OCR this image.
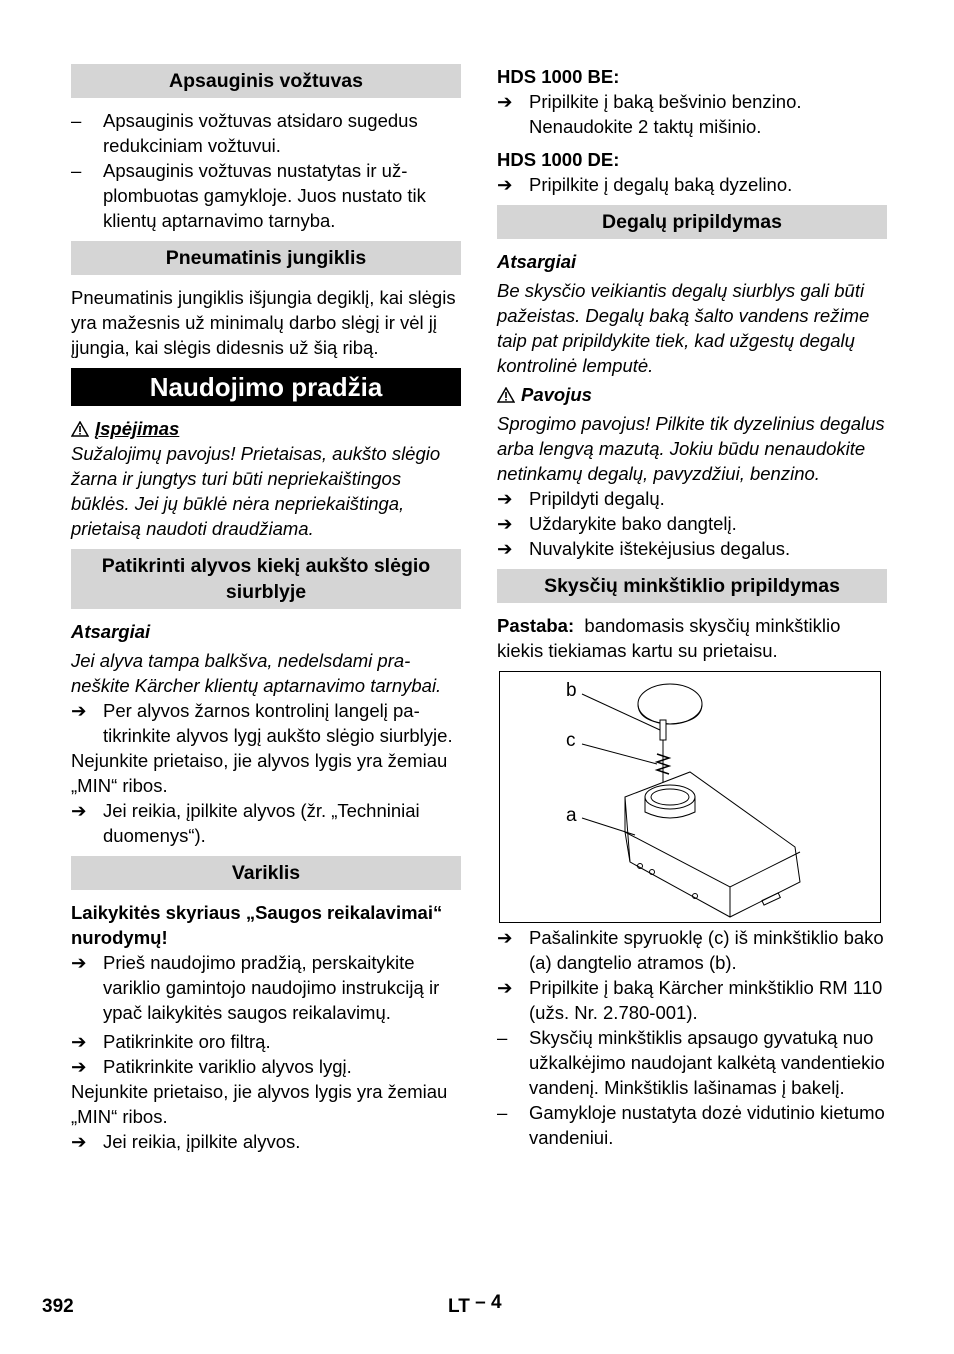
Apsauginis vožtuvas
–	Apsauginis vožtuvas atsidaro sugedus redukciniam vožtuvui.
–	Apsauginis vožtuvas nustatytas ir užplombuotas gamykloje. Juos nustato tik klientų aptarnavimo tarnyba.
Pneumatinis jungiklis

Pneumatinis jungiklis išjungia degiklį, kai slėgis yra mažesnis už minimalų darbo slėgį ir vėl jį įjungia, kai slėgis didesnis už šią ribą.

Naudojimo pradžia
Įspėjimas

Sužalojimų pavojus! Prietaisas, aukšto slėgio žarna ir jungtys turi būti nepriekaištingos būklės. Jei jų būklė nėra nepriekaištinga, prietaisą naudoti draudžiama.

Patikrinti alyvos kiekį aukšto slėgio siurblyje

Atsargiai

Jei alyva tampa balkšva, nedelsdami praneškite Kärcher klientų aptarnavimo tarnybai.

➔ Per alyvos žarnos kontrolinį langelį patikrinkite alyvos lygį aukšto slėgio siurblyje.

Nejunkite prietaiso, jie alyvos lygis yra žemiau „MIN“ ribos.

➔ Jei reikia, įpilkite alyvos (žr. „Techniniai duomenys“).
Variklis

Laikykitės skyriaus „Saugos reikalavimai“ nurodymų!

➔ Prieš naudojimo pradžią, perskaitykite variklio gamintojo naudojimo instrukciją ir ypač laikykitės saugos reikalavimų.
➔ Patikrinkite oro filtrą.
➔ Patikrinkite variklio alyvos lygį.

Nejunkite prietaiso, jie alyvos lygis yra žemiau „MIN“ ribos.

➔ Jei reikia, įpilkite alyvos.

HDS 1000 BE:

➔ Pripilkite į baką bešvinio benzino. Nenaudokite 2 taktų mišinio.

HDS 1000 DE:

➔ Pripilkite į degalų baką dyzelino.
Degalų pripildymas

Atsargiai

Be skysčio veikiantis degalų siurblys gali būti pažeistas. Degalų baką šalto vandens režime taip pat pripildykite tiek, kad užgestų degalų kontrolinė lemputė.

Pavojus

Sprogimo pavojus! Pilkite tik dyzelinius degalus arba lengvą mazutą. Jokiu būdu nenaudokite netinkamų degalų, pavyzdžiui, benzino.

➔ Pripildyti degalų.
➔ Uždarykite bako dangtelį.
➔ Nuvalykite ištekėjusius degalus.
Skysčių minkštiklio pripildymas

Pastaba: bandomasis skysčių minkštiklio kiekis tiekiamas kartu su prietaisu.

b
c
a
➔ Pašalinkite spyruoklę (c) iš minkštiklio bako (a) dangtelio atramos (b).
➔ Pripilkite į baką Kärcher minkštiklio RM 110 (užs. Nr. 2.780-001).
–	Skysčių minkštiklis apsaugo gyvatuką nuo užkalkėjimo naudojant kalkėtą vandentiekio vandenį. Minkštiklis lašinamas į bakelį.
–	Gamykloje nustatyta dozė vidutinio kietumo vandeniui.
392	LT – 4
